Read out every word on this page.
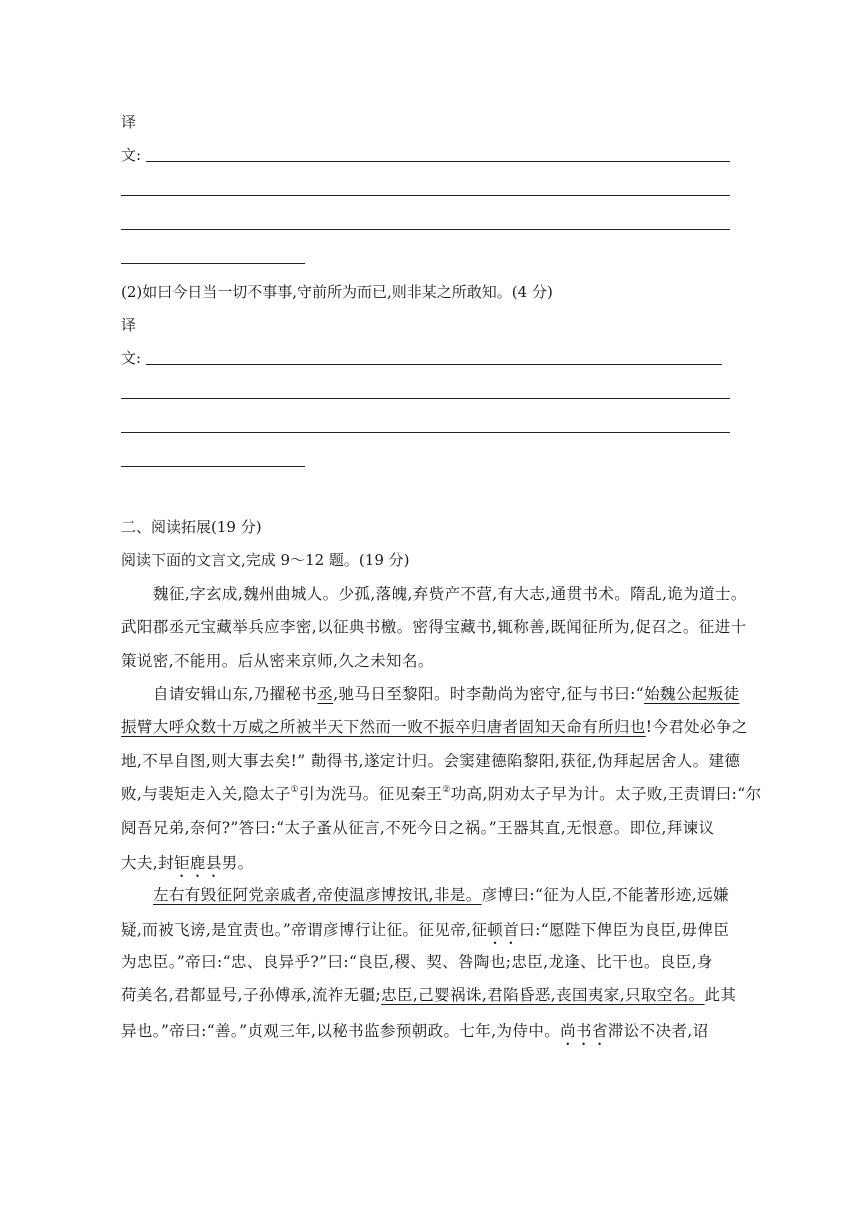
译
文:
(2)如曰今日当一切不事事,守前所为而已,则非某之所敢知。(4 分)
译
文:
二、阅读拓展(19 分)
阅读下面的文言文,完成 9～12 题。(19 分)
魏征,字玄成,魏州曲城人。少孤,落魄,弃赀产不营,有大志,通贯书术。隋乱,诡为道士。
武阳郡丞元宝藏举兵应李密,以征典书檄。密得宝藏书,辄称善,既闻征所为,促召之。征进十
策说密,不能用。后从密来京师,久之未知名。
自请安辑山东,乃擢秘书丞,驰马日至黎阳。时李勣尚为密守,征与书曰:“始魏公起叛徒
振臂大呼众数十万威之所被半天下然而一败不振卒归唐者固知天命有所归也!今君处必争之
地,不早自图,则大事去矣!” 勣得书,遂定计归。会窦建德陷黎阳,获征,伪拜起居舍人。建德
败,与裴矩走入关,隐太子①引为洗马。征见秦王②功高,阴劝太子早为计。太子败,王责谓曰:“尔
阋吾兄弟,奈何?”答曰:“太子蚤从征言,不死今日之祸。”王器其直,无恨意。即位,拜谏议
大夫,封钜鹿县男。
左右有毁征阿党亲戚者,帝使温彦博按讯,非是。彦博曰:“征为人臣,不能著形迹,远嫌
疑,而被飞谤,是宜责也。”帝谓彦博行让征。征见帝,征顿首曰:“愿陛下俾臣为良臣,毋俾臣
为忠臣。”帝曰:“忠、良异乎?”曰:“良臣,稷、契、咎陶也;忠臣,龙逢、比干也。良臣,身
荷美名,君都显号,子孙傅承,流祚无疆;忠臣,己婴祸诛,君陷昏恶,丧国夷家,只取空名。此其
异也。”帝曰:“善。”贞观三年,以秘书监参预朝政。七年,为侍中。尚书省滞讼不决者,诏
